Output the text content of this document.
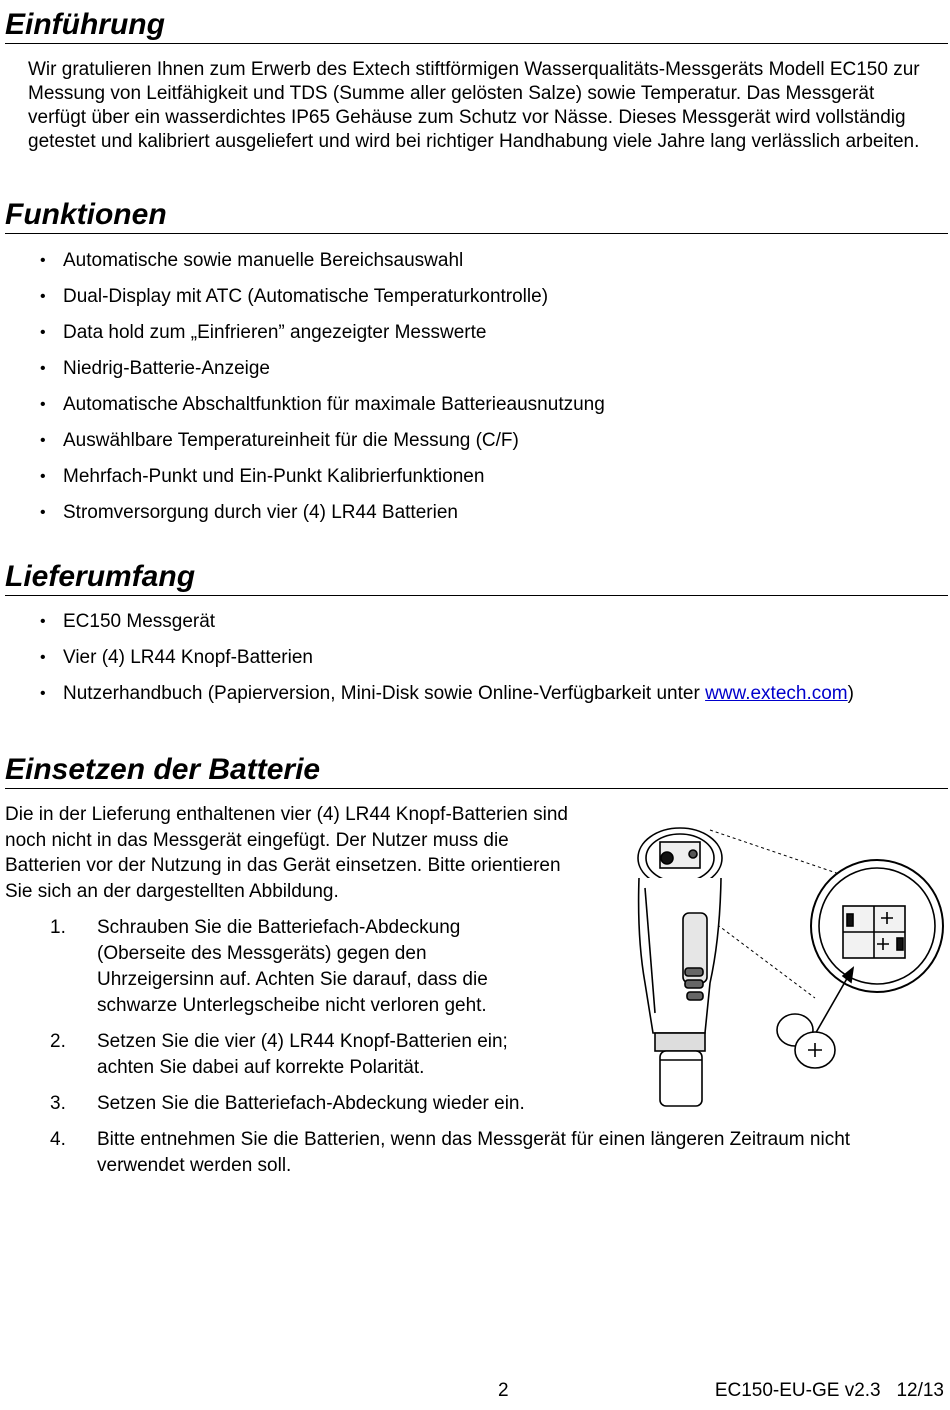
Einführung

Wir gratulieren Ihnen zum Erwerb des Extech stiftförmigen Wasserqualitäts-Messgeräts Modell EC150 zur Messung von Leitfähigkeit und TDS (Summe aller gelösten Salze) sowie Temperatur. Das Messgerät verfügt über ein wasserdichtes IP65 Gehäuse zum Schutz vor Nässe. Dieses Messgerät wird vollständig getestet und kalibriert ausgeliefert und wird bei richtiger Handhabung viele Jahre lang verlässlich arbeiten.

Funktionen
• Automatische sowie manuelle Bereichsauswahl
• Dual-Display mit ATC (Automatische Temperaturkontrolle)
• Data hold zum „Einfrieren” angezeigter Messwerte
• Niedrig-Batterie-Anzeige
• Automatische Abschaltfunktion für maximale Batterieausnutzung
• Auswählbare Temperatureinheit für die Messung (C/F)
• Mehrfach-Punkt und Ein-Punkt Kalibrierfunktionen
• Stromversorgung durch vier (4) LR44 Batterien
Lieferumfang
• EC150 Messgerät
• Vier (4) LR44 Knopf-Batterien
• Nutzerhandbuch (Papierversion, Mini-Disk sowie Online-Verfügbarkeit unter www.extech.com)
Einsetzen der Batterie

Die in der Lieferung enthaltenen vier (4) LR44 Knopf-Batterien sind noch nicht in das Messgerät eingefügt. Der Nutzer muss die Batterien vor der Nutzung in das Gerät einsetzen. Bitte orientieren Sie sich an der dargestellten Abbildung.

1. Schrauben Sie die Batteriefach-Abdeckung (Oberseite des Messgeräts) gegen den Uhrzeigersinn auf. Achten Sie darauf, dass die schwarze Unterlegscheibe nicht verloren geht.
2. Setzen Sie die vier (4) LR44 Knopf-Batterien ein; achten Sie dabei auf korrekte Polarität.
3. Setzen Sie die Batteriefach-Abdeckung wieder ein.
4. Bitte entnehmen Sie die Batterien, wenn das Messgerät für einen längeren Zeitraum nicht verwendet werden soll.
2	EC150-EU-GE v2.3   12/13
